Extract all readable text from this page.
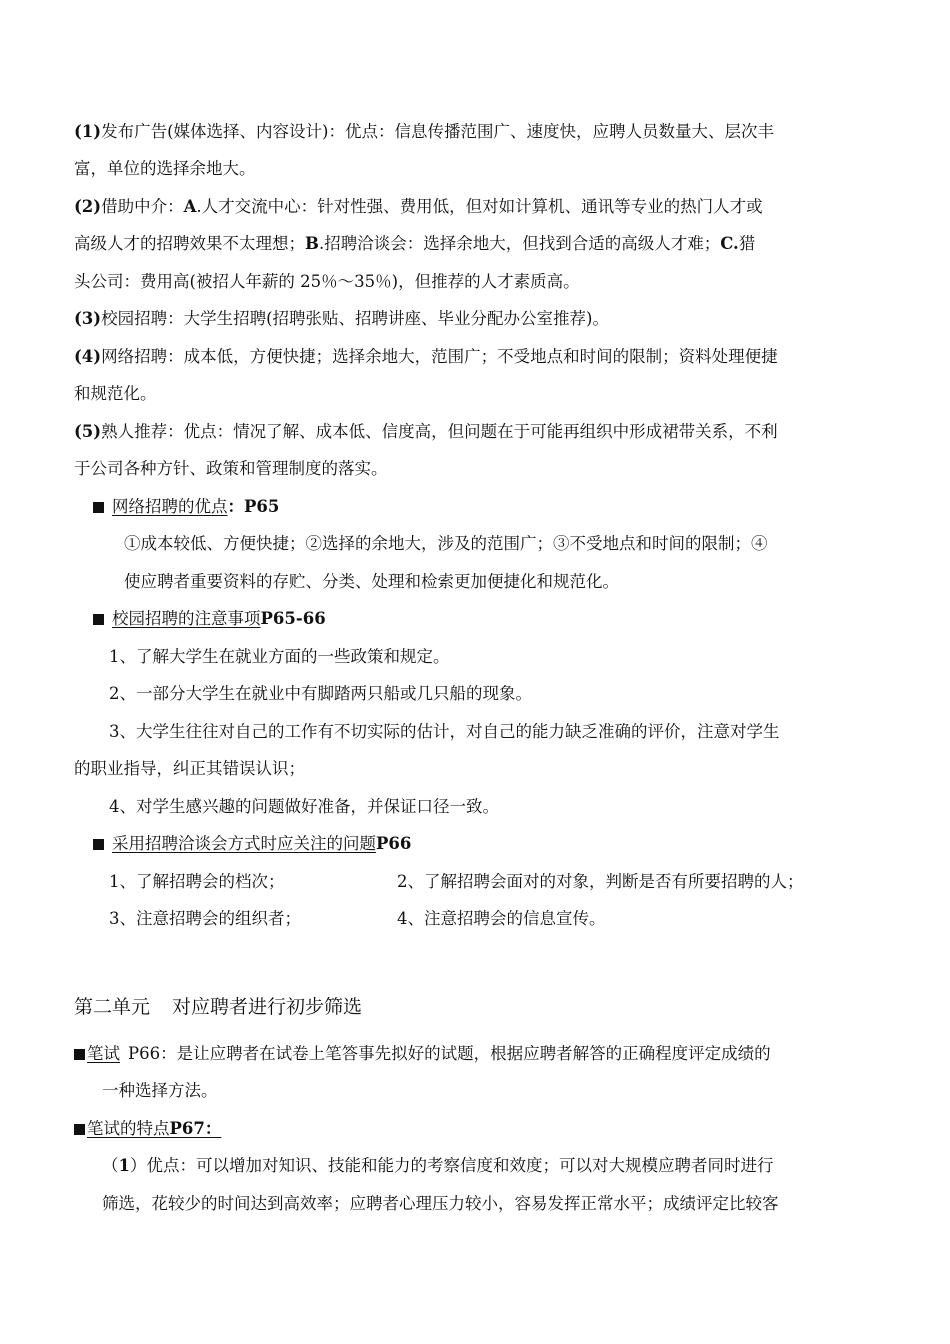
(1)发布广告(媒体选择、内容设计)：优点：信息传播范围广、速度快，应聘人员数量大、层次丰
富，单位的选择余地大。
(2)借助中介：A.人才交流中心：针对性强、费用低，但对如计算机、通讯等专业的热门人才或
高级人才的招聘效果不太理想；B.招聘洽谈会：选择余地大，但找到合适的高级人才难；C.猎
头公司：费用高(被招人年薪的 25％～35％)，但推荐的人才素质高。
(3)校园招聘：大学生招聘(招聘张贴、招聘讲座、毕业分配办公室推荐)。
(4)网络招聘：成本低，方便快捷；选择余地大，范围广；不受地点和时间的限制；资料处理便捷
和规范化。
(5)熟人推荐：优点：情况了解、成本低、信度高，但问题在于可能再组织中形成裙带关系，不利
于公司各种方针、政策和管理制度的落实。
网络招聘的优点：P65
①成本较低、方便快捷；②选择的余地大，涉及的范围广；③不受地点和时间的限制；④
使应聘者重要资料的存贮、分类、处理和检索更加便捷化和规范化。
校园招聘的注意事项P65-66
1、了解大学生在就业方面的一些政策和规定。
2、一部分大学生在就业中有脚踏两只船或几只船的现象。
3、大学生往往对自己的工作有不切实际的估计，对自己的能力缺乏准确的评价，注意对学生
的职业指导，纠正其错误认识；
4、对学生感兴趣的问题做好准备，并保证口径一致。
采用招聘洽谈会方式时应关注的问题P66
1、了解招聘会的档次；	2、了解招聘会面对的对象，判断是否有所要招聘的人；
3、注意招聘会的组织者；	4、注意招聘会的信息宣传。
第二单元 对应聘者进行初步筛选
笔试 P66：是让应聘者在试卷上笔答事先拟好的试题，根据应聘者解答的正确程度评定成绩的
一种选择方法。
笔试的特点P67：
（1）优点：可以增加对知识、技能和能力的考察信度和效度；可以对大规模应聘者同时进行
筛选，花较少的时间达到高效率；应聘者心理压力较小，容易发挥正常水平；成绩评定比较客
